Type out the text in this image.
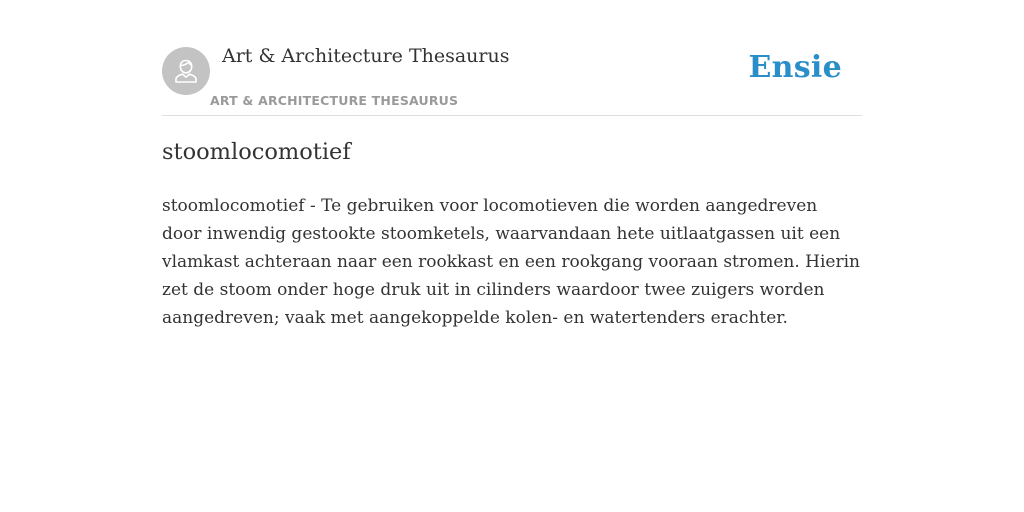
Art & Architecture Thesaurus
ART & ARCHITECTURE THESAURUS
Ensie
stoomlocomotief

stoomlocomotief - Te gebruiken voor locomotieven die worden aangedreven door inwendig gestookte stoomketels, waarvandaan hete uitlaatgassen uit een vlamkast achteraan naar een rookkast en een rookgang vooraan stromen. Hierin zet de stoom onder hoge druk uit in cilinders waardoor twee zuigers worden aangedreven; vaak met aangekoppelde kolen- en watertenders erachter.
